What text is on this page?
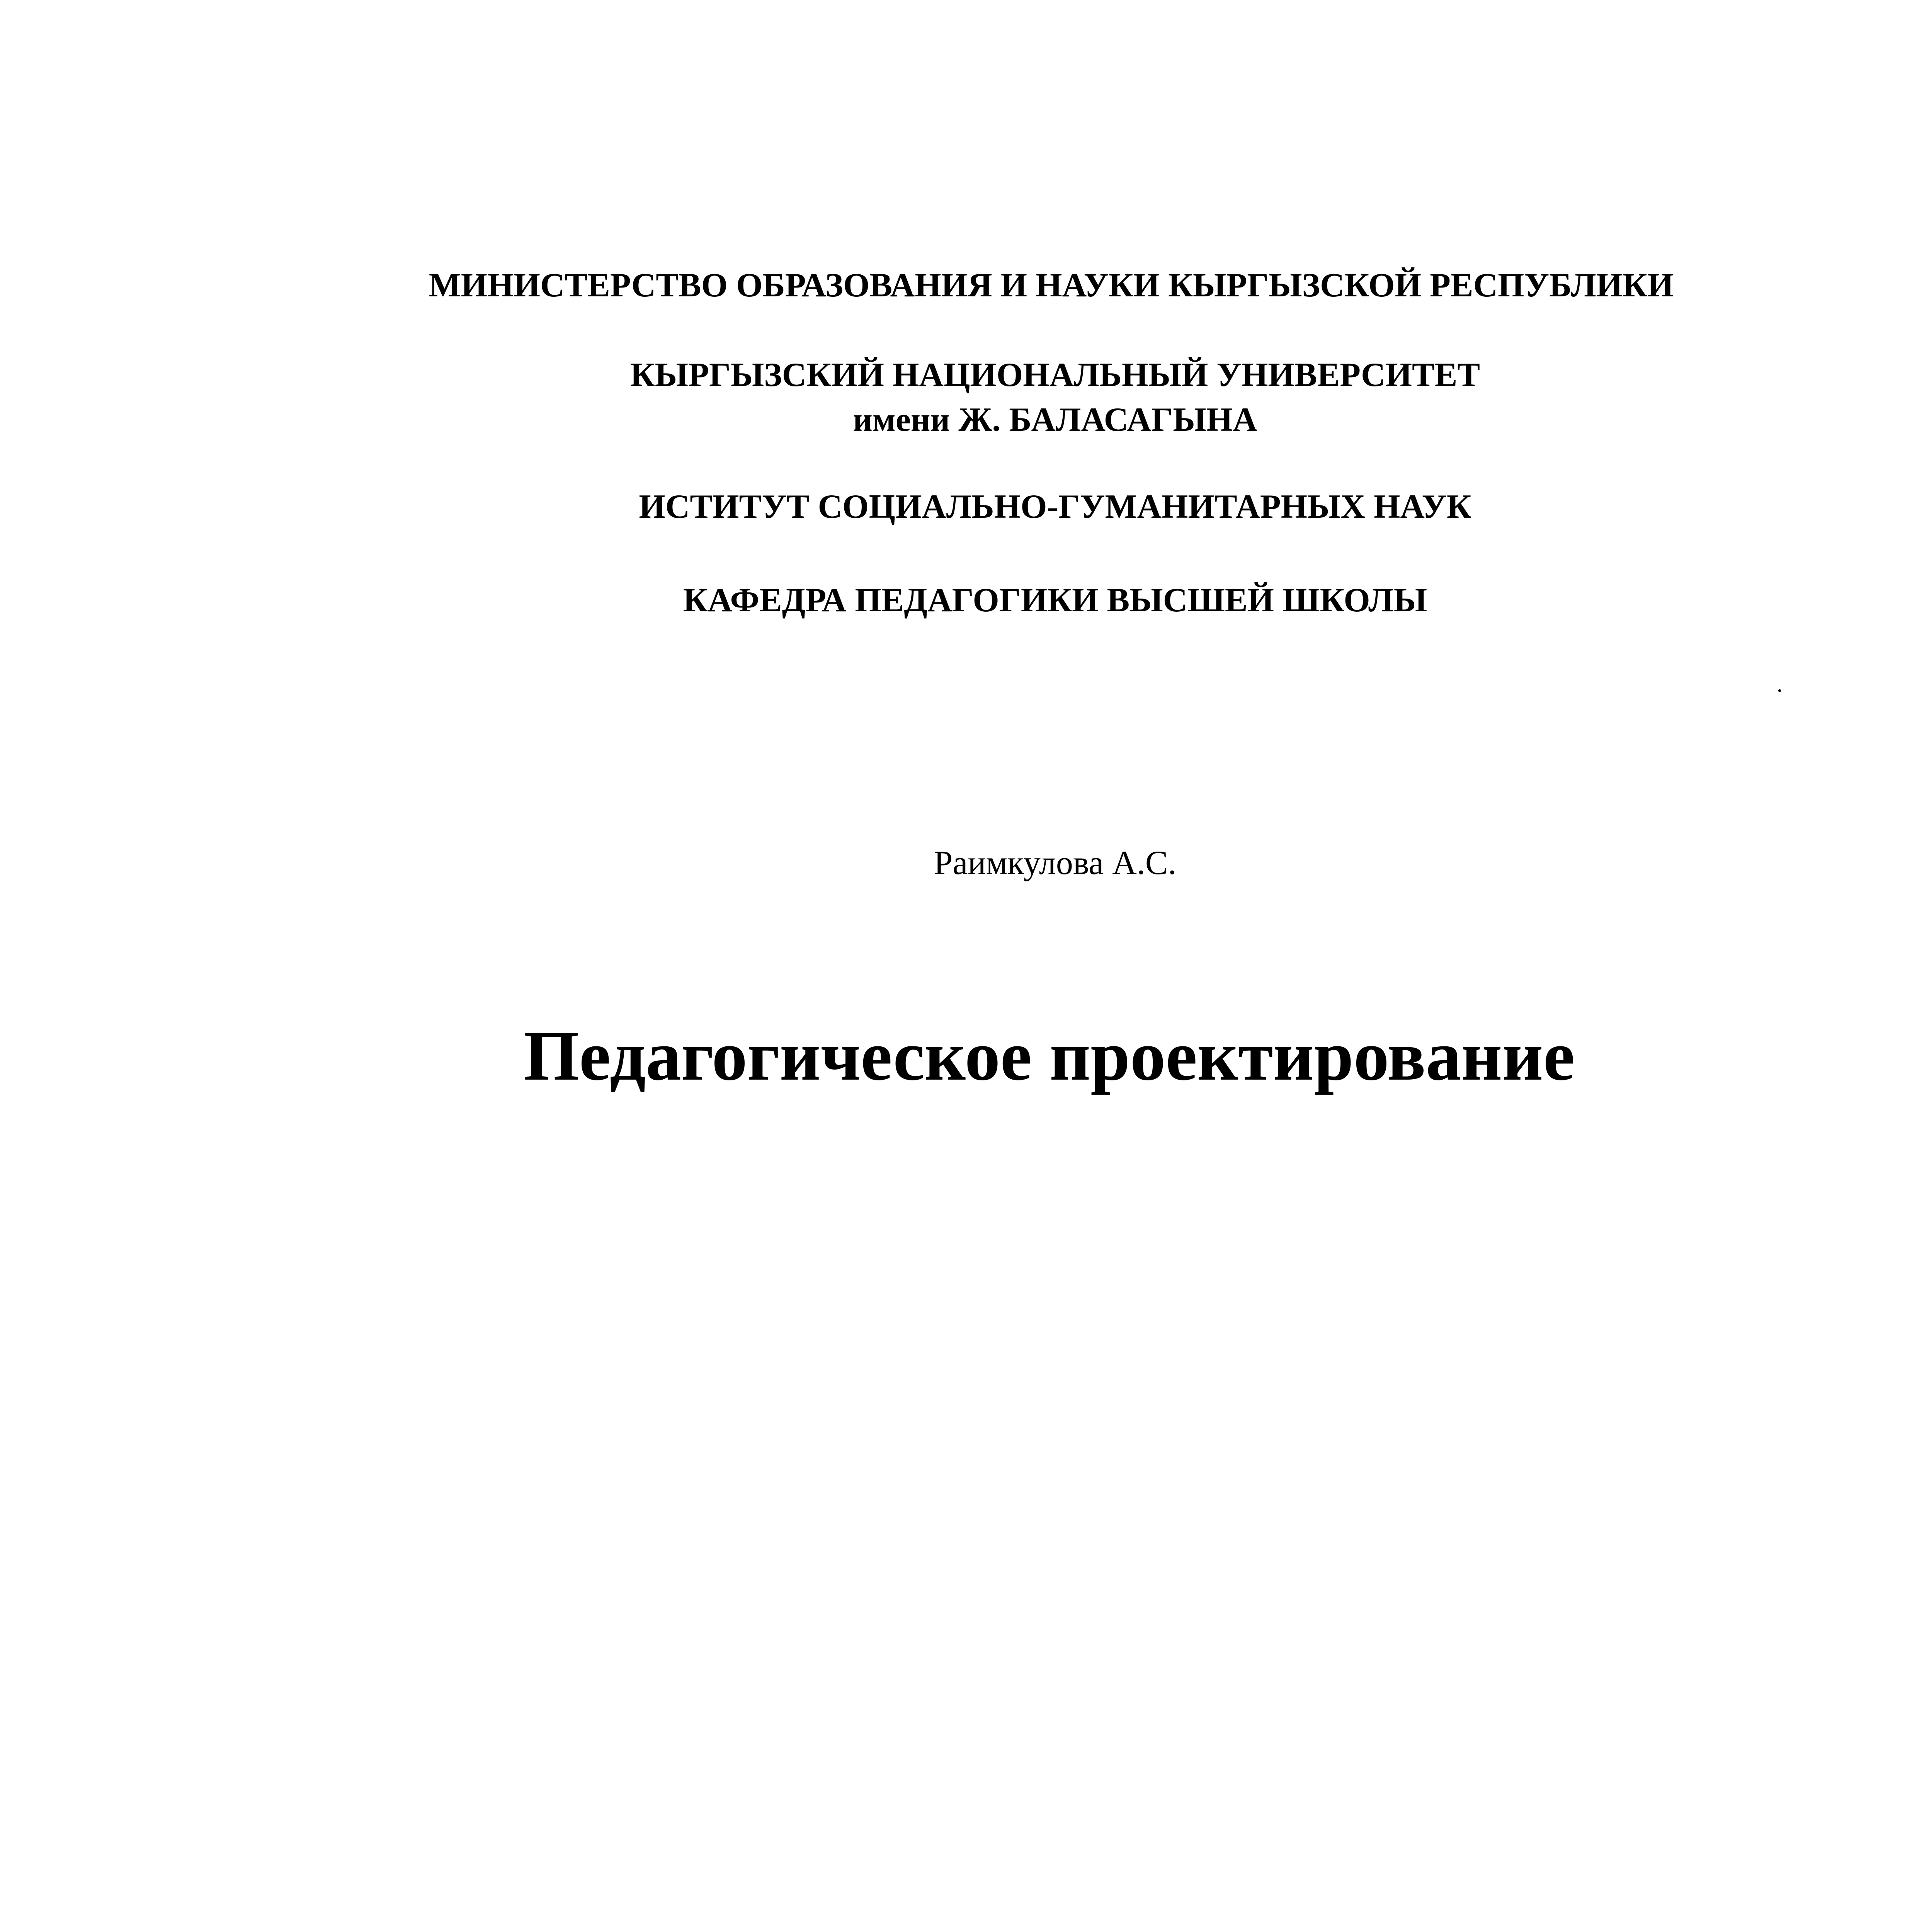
МИНИСТЕРСТВО ОБРАЗОВАНИЯ И НАУКИ КЫРГЫЗСКОЙ РЕСПУБЛИКИ
КЫРГЫЗСКИЙ НАЦИОНАЛЬНЫЙ УНИВЕРСИТЕТ
имени Ж. БАЛАСАГЫНА
ИСТИТУТ СОЦИАЛЬНО-ГУМАНИТАРНЫХ НАУК
КАФЕДРА ПЕДАГОГИКИ ВЫСШЕЙ ШКОЛЫ
.
Раимкулова А.С.
Педагогическое проектирование
